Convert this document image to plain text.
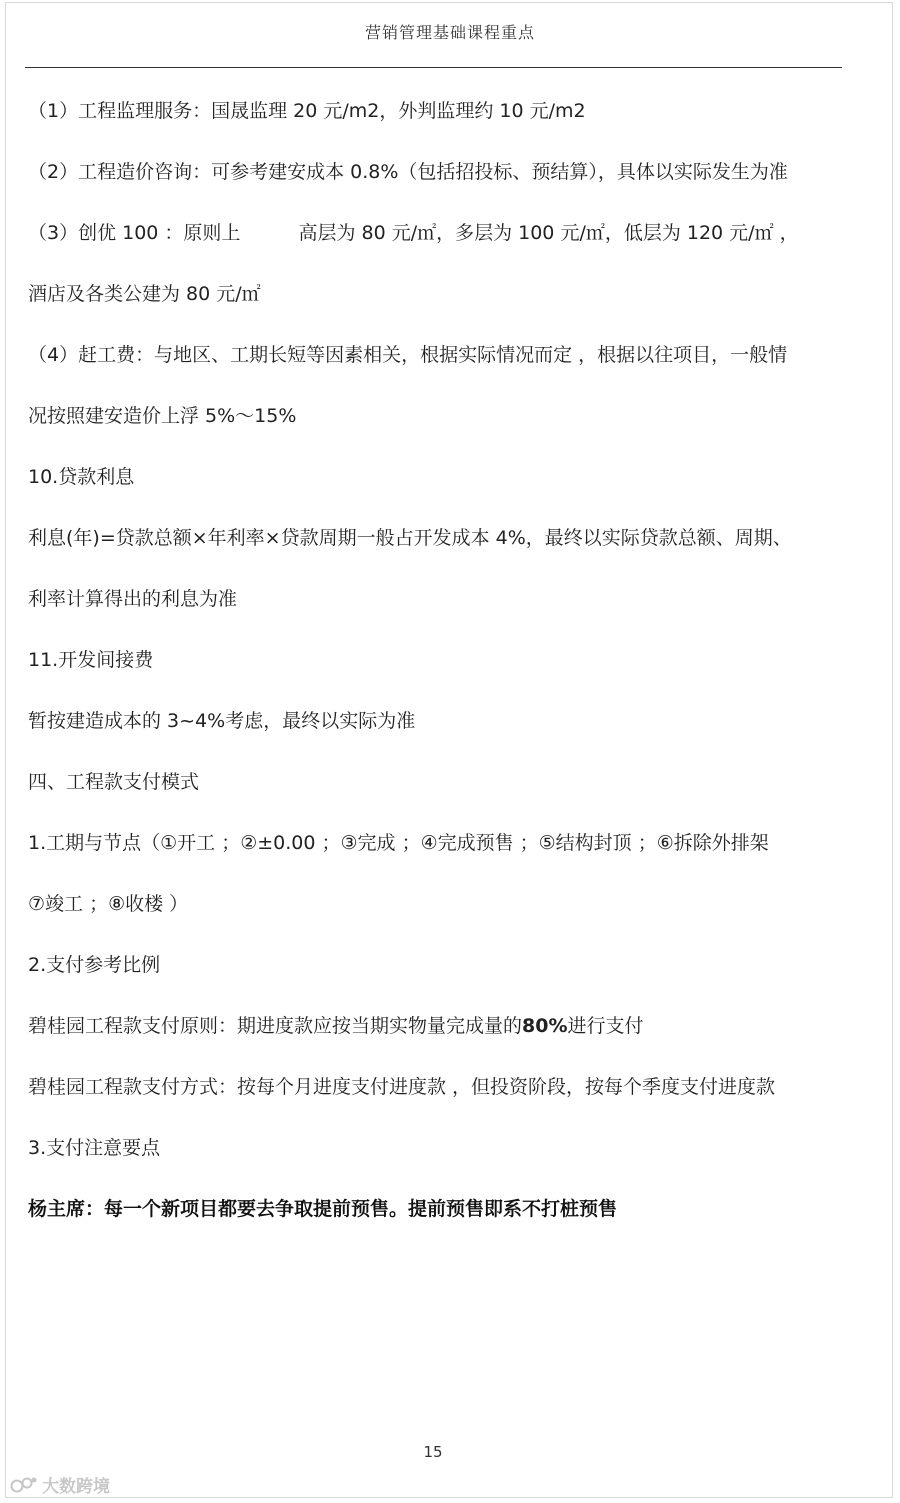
营销管理基础课程重点
（1）工程监理服务：国晟监理 20 元/m2，外判监理约 10 元/m2
（2）工程造价咨询：可参考建安成本 0.8%（包括招投标、预结算），具体以实际发生为准
（3）创优 100 ：原则上	高层为 80 元/㎡，多层为 100 元/㎡，低层为 120 元/㎡ ，
酒店及各类公建为 80 元/㎡
（4）赶工费：与地区、工期长短等因素相关，根据实际情况而定 ，根据以往项目，一般情
况按照建安造价上浮 5%～15%
10.贷款利息
利息(年)=贷款总额×年利率×贷款周期一般占开发成本 4%，最终以实际贷款总额、周期、
利率计算得出的利息为准
11.开发间接费
暂按建造成本的 3~4%考虑，最终以实际为准
四、工程款支付模式
1.工期与节点（①开工 ；②±0.00 ；③完成 ；④完成预售 ；⑤结构封顶 ；⑥拆除外排架
⑦竣工 ；⑧收楼 ）
2.支付参考比例
碧桂园工程款支付原则：期进度款应按当期实物量完成量的80%进行支付
碧桂园工程款支付方式：按每个月进度支付进度款 ，但投资阶段，按每个季度支付进度款
3.支付注意要点
杨主席：每一个新项目都要去争取提前预售。提前预售即系不打桩预售
15
大数跨境
